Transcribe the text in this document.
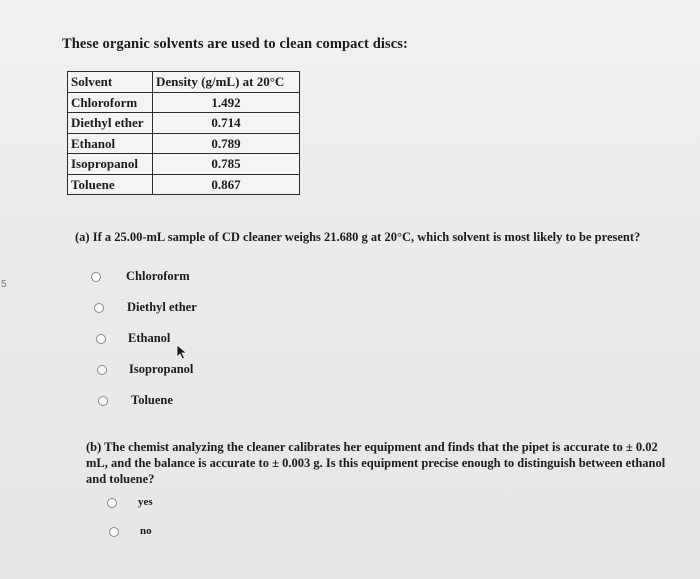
5
These organic solvents are used to clean compact discs:
Solvent	Density (g/mL) at 20°C
Chloroform	1.492
Diethyl ether	0.714
Ethanol	0.789
Isopropanol	0.785
Toluene	0.867
(a) If a 25.00-mL sample of CD cleaner weighs 21.680 g at 20°C, which solvent is most likely to be present?
Chloroform
Diethyl ether
Ethanol
Isopropanol
Toluene
(b) The chemist analyzing the cleaner calibrates her equipment and finds that the pipet is accurate to ± 0.02 mL, and the balance is accurate to ± 0.003 g. Is this equipment precise enough to distinguish between ethanol and toluene?
yes
no
